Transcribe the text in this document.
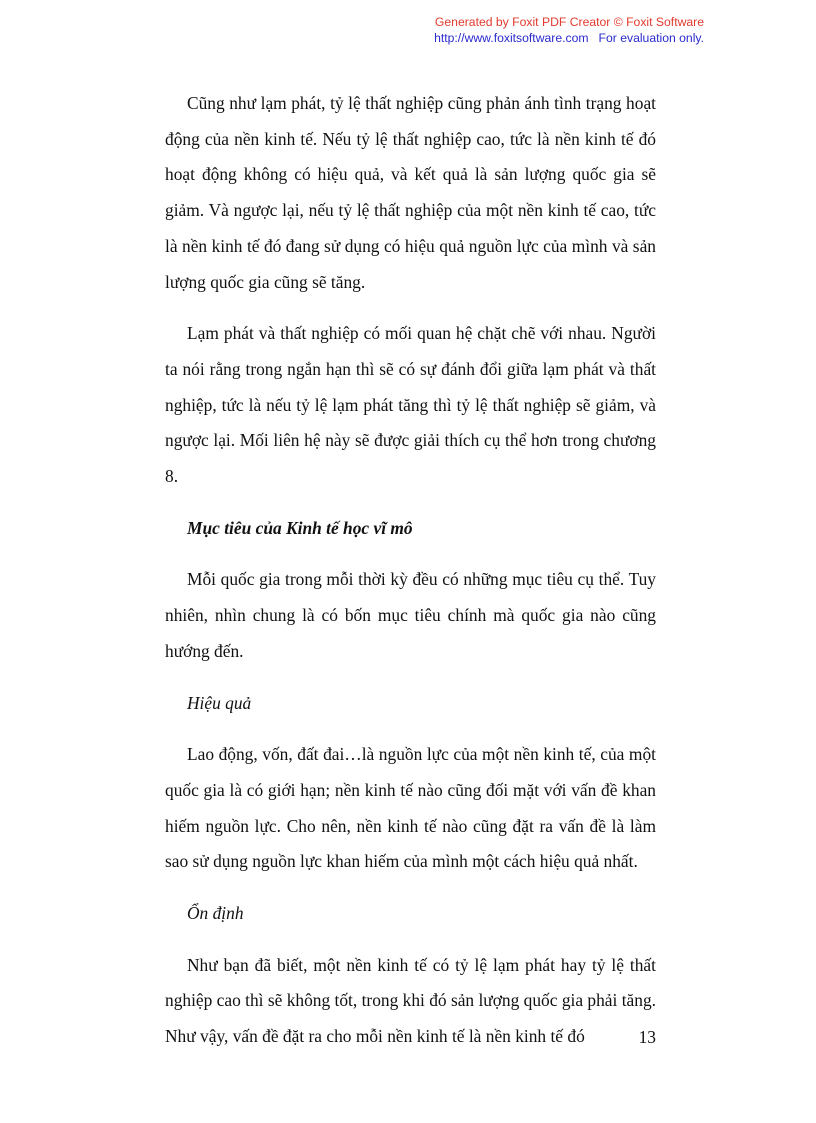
Generated by Foxit PDF Creator © Foxit Software
http://www.foxitsoftware.com For evaluation only.

Cũng như lạm phát, tỷ lệ thất nghiệp cũng phản ánh tình trạng hoạt động của nền kinh tế. Nếu tỷ lệ thất nghiệp cao, tức là nền kinh tế đó hoạt động không có hiệu quả, và kết quả là sản lượng quốc gia sẽ giảm. Và ngược lại, nếu tỷ lệ thất nghiệp của một nền kinh tế cao, tức là nền kinh tế đó đang sử dụng có hiệu quả nguồn lực của mình và sản lượng quốc gia cũng sẽ tăng.

Lạm phát và thất nghiệp có mối quan hệ chặt chẽ với nhau. Người ta nói rằng trong ngắn hạn thì sẽ có sự đánh đổi giữa lạm phát và thất nghiệp, tức là nếu tỷ lệ lạm phát tăng thì tỷ lệ thất nghiệp sẽ giảm, và ngược lại. Mối liên hệ này sẽ được giải thích cụ thể hơn trong chương 8.

Mục tiêu của Kinh tế học vĩ mô

Mỗi quốc gia trong mỗi thời kỳ đều có những mục tiêu cụ thể. Tuy nhiên, nhìn chung là có bốn mục tiêu chính mà quốc gia nào cũng hướng đến.

Hiệu quả

Lao động, vốn, đất đai…là nguồn lực của một nền kinh tế, của một quốc gia là có giới hạn; nền kinh tế nào cũng đối mặt với vấn đề khan hiếm nguồn lực. Cho nên, nền kinh tế nào cũng đặt ra vấn đề là làm sao sử dụng nguồn lực khan hiếm của mình một cách hiệu quả nhất.

Ổn định

Như bạn đã biết, một nền kinh tế có tỷ lệ lạm phát hay tỷ lệ thất nghiệp cao thì sẽ không tốt, trong khi đó sản lượng quốc gia phải tăng. Như vậy, vấn đề đặt ra cho mỗi nền kinh tế là nền kinh tế đó	13
